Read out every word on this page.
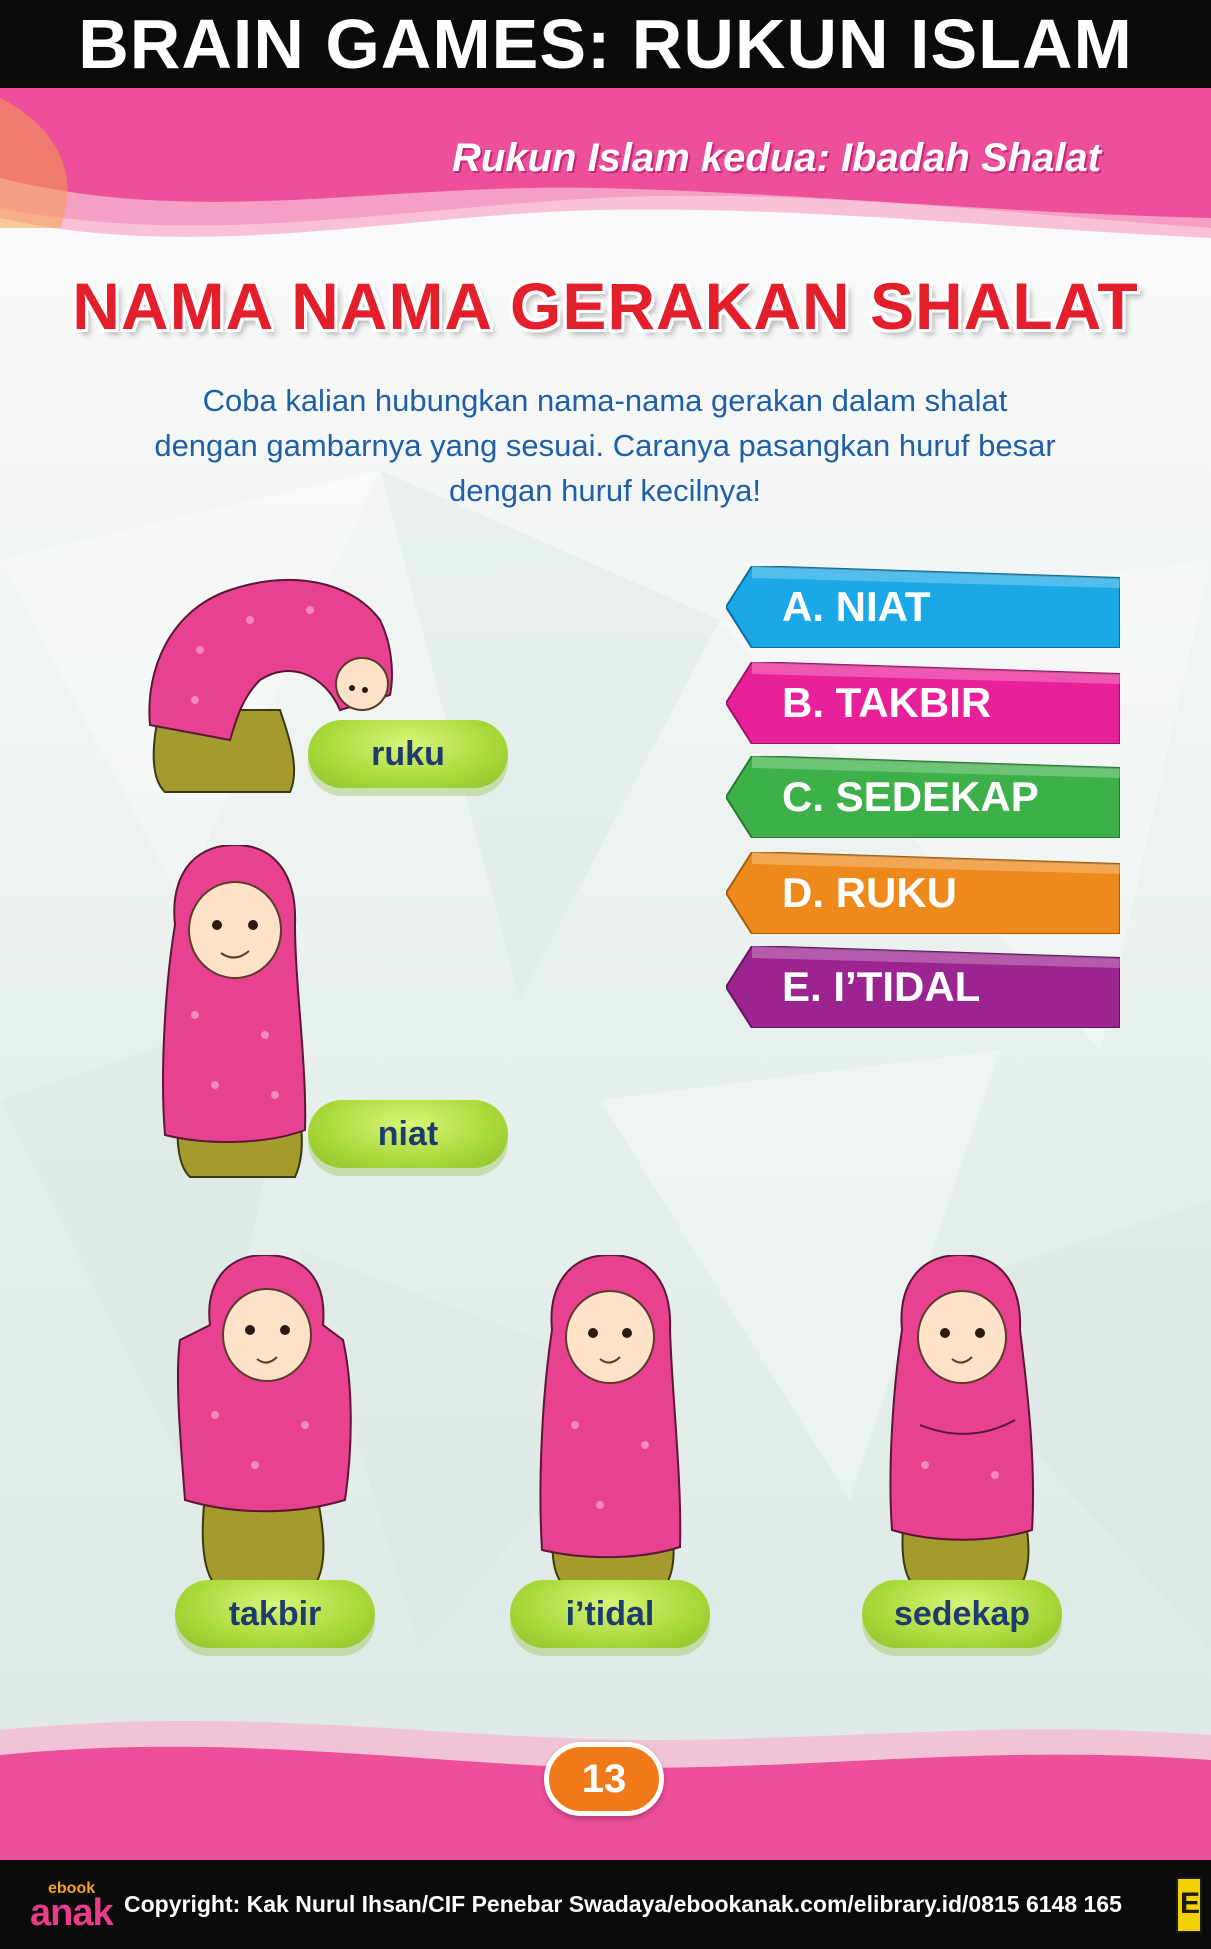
BRAIN GAMES: RUKUN ISLAM
Rukun Islam kedua: Ibadah Shalat
NAMA NAMA GERAKAN SHALAT
Coba kalian hubungkan nama-nama gerakan dalam shalat dengan gambarnya yang sesuai. Caranya pasangkan huruf besar dengan huruf kecilnya!
ruku
niat
takbir	i’tidal	sedekap
A. NIAT
B. TAKBIR
C. SEDEKAP
D. RUKU
E. I’TIDAL
13
ebook
anak Copyright: Kak Nurul Ihsan/CIF Penebar Swadaya/ebookanak.com/elibrary.id/0815 6148 165 E
